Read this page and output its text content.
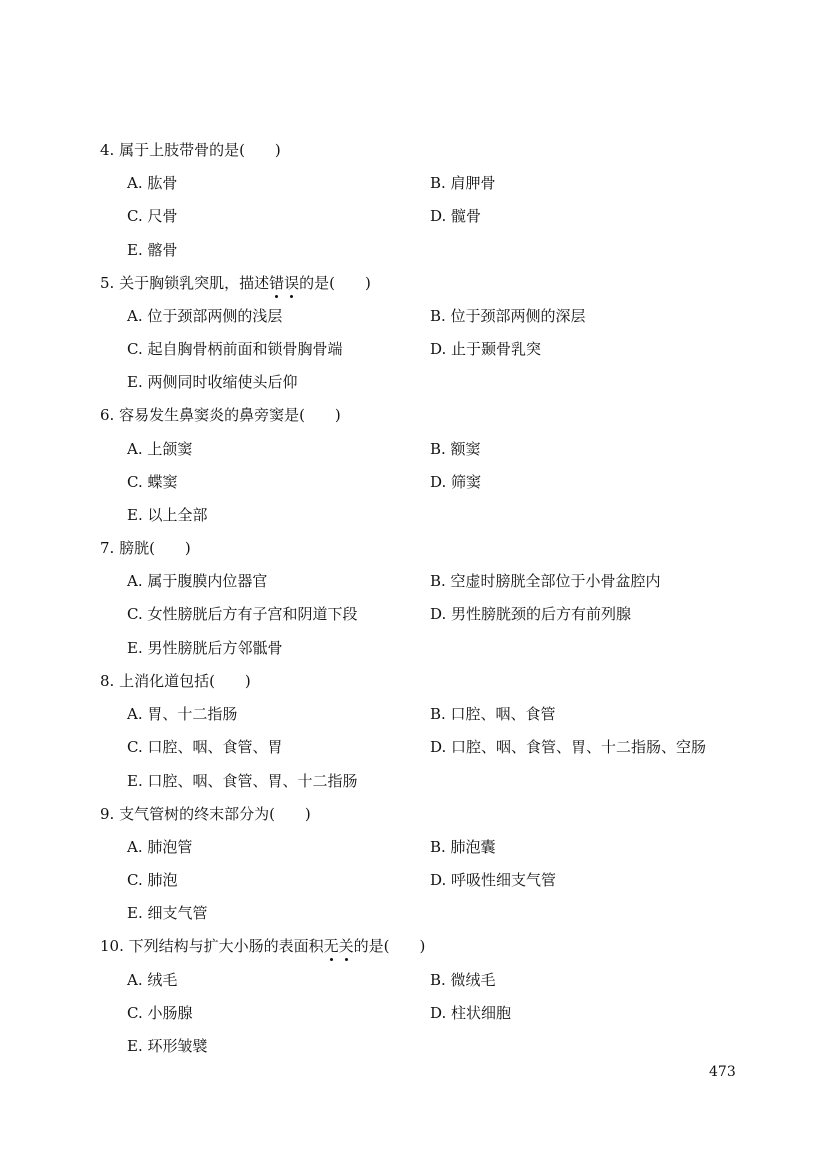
4. 属于上肢带骨的是(　　)
A. 肱骨	B. 肩胛骨
C. 尺骨	D. 髋骨
E. 髂骨
5. 关于胸锁乳突肌，描述错误的是(　　)
A. 位于颈部两侧的浅层	B. 位于颈部两侧的深层
C. 起自胸骨柄前面和锁骨胸骨端	D. 止于颞骨乳突
E. 两侧同时收缩使头后仰
6. 容易发生鼻窦炎的鼻旁窦是(　　)
A. 上颌窦	B. 额窦
C. 蝶窦	D. 筛窦
E. 以上全部
7. 膀胱(　　)
A. 属于腹膜内位器官	B. 空虚时膀胱全部位于小骨盆腔内
C. 女性膀胱后方有子宫和阴道下段	D. 男性膀胱颈的后方有前列腺
E. 男性膀胱后方邻骶骨
8. 上消化道包括(　　)
A. 胃、十二指肠	B. 口腔、咽、食管
C. 口腔、咽、食管、胃	D. 口腔、咽、食管、胃、十二指肠、空肠
E. 口腔、咽、食管、胃、十二指肠
9. 支气管树的终末部分为(　　)
A. 肺泡管	B. 肺泡囊
C. 肺泡	D. 呼吸性细支气管
E. 细支气管
10. 下列结构与扩大小肠的表面积无关的是(　　)
A. 绒毛	B. 微绒毛
C. 小肠腺	D. 柱状细胞
E. 环形皱襞
473
